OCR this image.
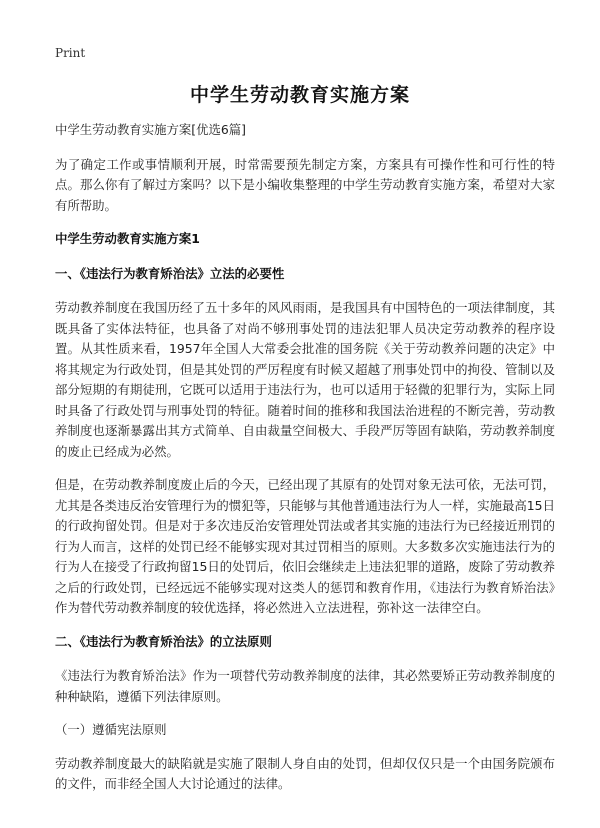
Print
中学生劳动教育实施方案

中学生劳动教育实施方案[优选6篇]

为了确定工作或事情顺利开展，时常需要预先制定方案，方案具有可操作性和可行性的特点。那么你有了解过方案吗？以下是小编收集整理的中学生劳动教育实施方案，希望对大家有所帮助。

中学生劳动教育实施方案1

一、《违法行为教育矫治法》立法的必要性

劳动教养制度在我国历经了五十多年的风风雨雨，是我国具有中国特色的一项法律制度，其既具备了实体法特征，也具备了对尚不够刑事处罚的违法犯罪人员决定劳动教养的程序设置。从其性质来看，1957年全国人大常委会批准的国务院《关于劳动教养问题的决定》中将其规定为行政处罚，但是其处罚的严厉程度有时候又超越了刑事处罚中的拘役、管制以及部分短期的有期徒刑，它既可以适用于违法行为，也可以适用于轻微的犯罪行为，实际上同时具备了行政处罚与刑事处罚的特征。随着时间的推移和我国法治进程的不断完善，劳动教养制度也逐渐暴露出其方式简单、自由裁量空间极大、手段严厉等固有缺陷，劳动教养制度的废止已经成为必然。

但是，在劳动教养制度废止后的今天，已经出现了其原有的处罚对象无法可依，无法可罚，尤其是各类违反治安管理行为的惯犯等，只能够与其他普通违法行为人一样，实施最高15日的行政拘留处罚。但是对于多次违反治安管理处罚法或者其实施的违法行为已经接近刑罚的行为人而言，这样的处罚已经不能够实现对其过罚相当的原则。大多数多次实施违法行为的行为人在接受了行政拘留15日的处罚后，依旧会继续走上违法犯罪的道路，废除了劳动教养之后的行政处罚，已经远远不能够实现对这类人的惩罚和教育作用，《违法行为教育矫治法》作为替代劳动教养制度的较优选择，将必然进入立法进程，弥补这一法律空白。

二、《违法行为教育矫治法》的立法原则

《违法行为教育矫治法》作为一项替代劳动教养制度的法律，其必然要矫正劳动教养制度的种种缺陷，遵循下列法律原则。

（一）遵循宪法原则

劳动教养制度最大的缺陷就是实施了限制人身自由的处罚，但却仅仅只是一个由国务院颁布的文件，而非经全国人大讨论通过的法律。
